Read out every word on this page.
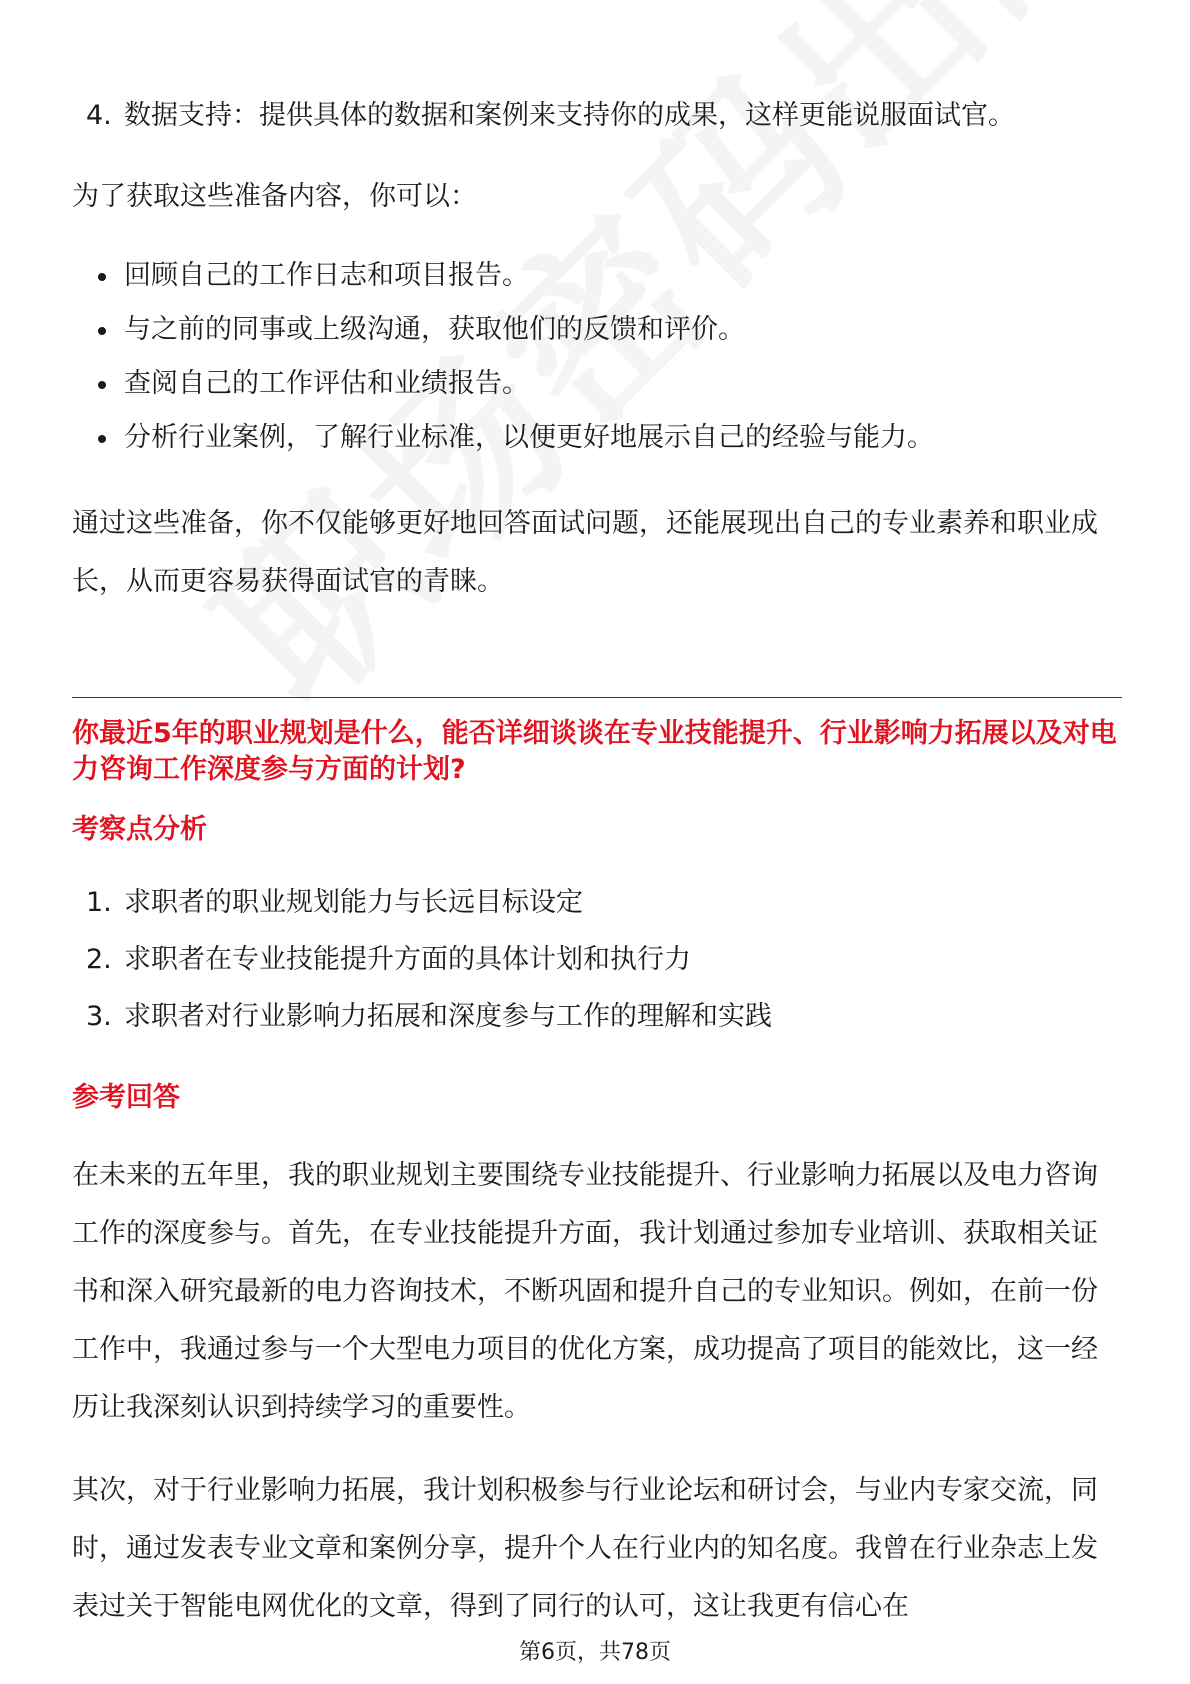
4. 数据支持：提供具体的数据和案例来支持你的成果，这样更能说服面试官。
为了获取这些准备内容，你可以：
回顾自己的工作日志和项目报告。
与之前的同事或上级沟通，获取他们的反馈和评价。
查阅自己的工作评估和业绩报告。
分析行业案例，了解行业标准，以便更好地展示自己的经验与能力。
通过这些准备，你不仅能够更好地回答面试问题，还能展现出自己的专业素养和职业成长，从而更容易获得面试官的青睐。
你最近5年的职业规划是什么，能否详细谈谈在专业技能提升、行业影响力拓展以及对电力咨询工作深度参与方面的计划?
考察点分析
1. 求职者的职业规划能力与长远目标设定
2. 求职者在专业技能提升方面的具体计划和执行力
3. 求职者对行业影响力拓展和深度参与工作的理解和实践
参考回答
在未来的五年里，我的职业规划主要围绕专业技能提升、行业影响力拓展以及电力咨询工作的深度参与。首先，在专业技能提升方面，我计划通过参加专业培训、获取相关证书和深入研究最新的电力咨询技术，不断巩固和提升自己的专业知识。例如，在前一份工作中，我通过参与一个大型电力项目的优化方案，成功提高了项目的能效比，这一经历让我深刻认识到持续学习的重要性。
其次，对于行业影响力拓展，我计划积极参与行业论坛和研讨会，与业内专家交流，同时，通过发表专业文章和案例分享，提升个人在行业内的知名度。我曾在行业杂志上发表过关于智能电网优化的文章，得到了同行的认可，这让我更有信心在
第6页，共78页
